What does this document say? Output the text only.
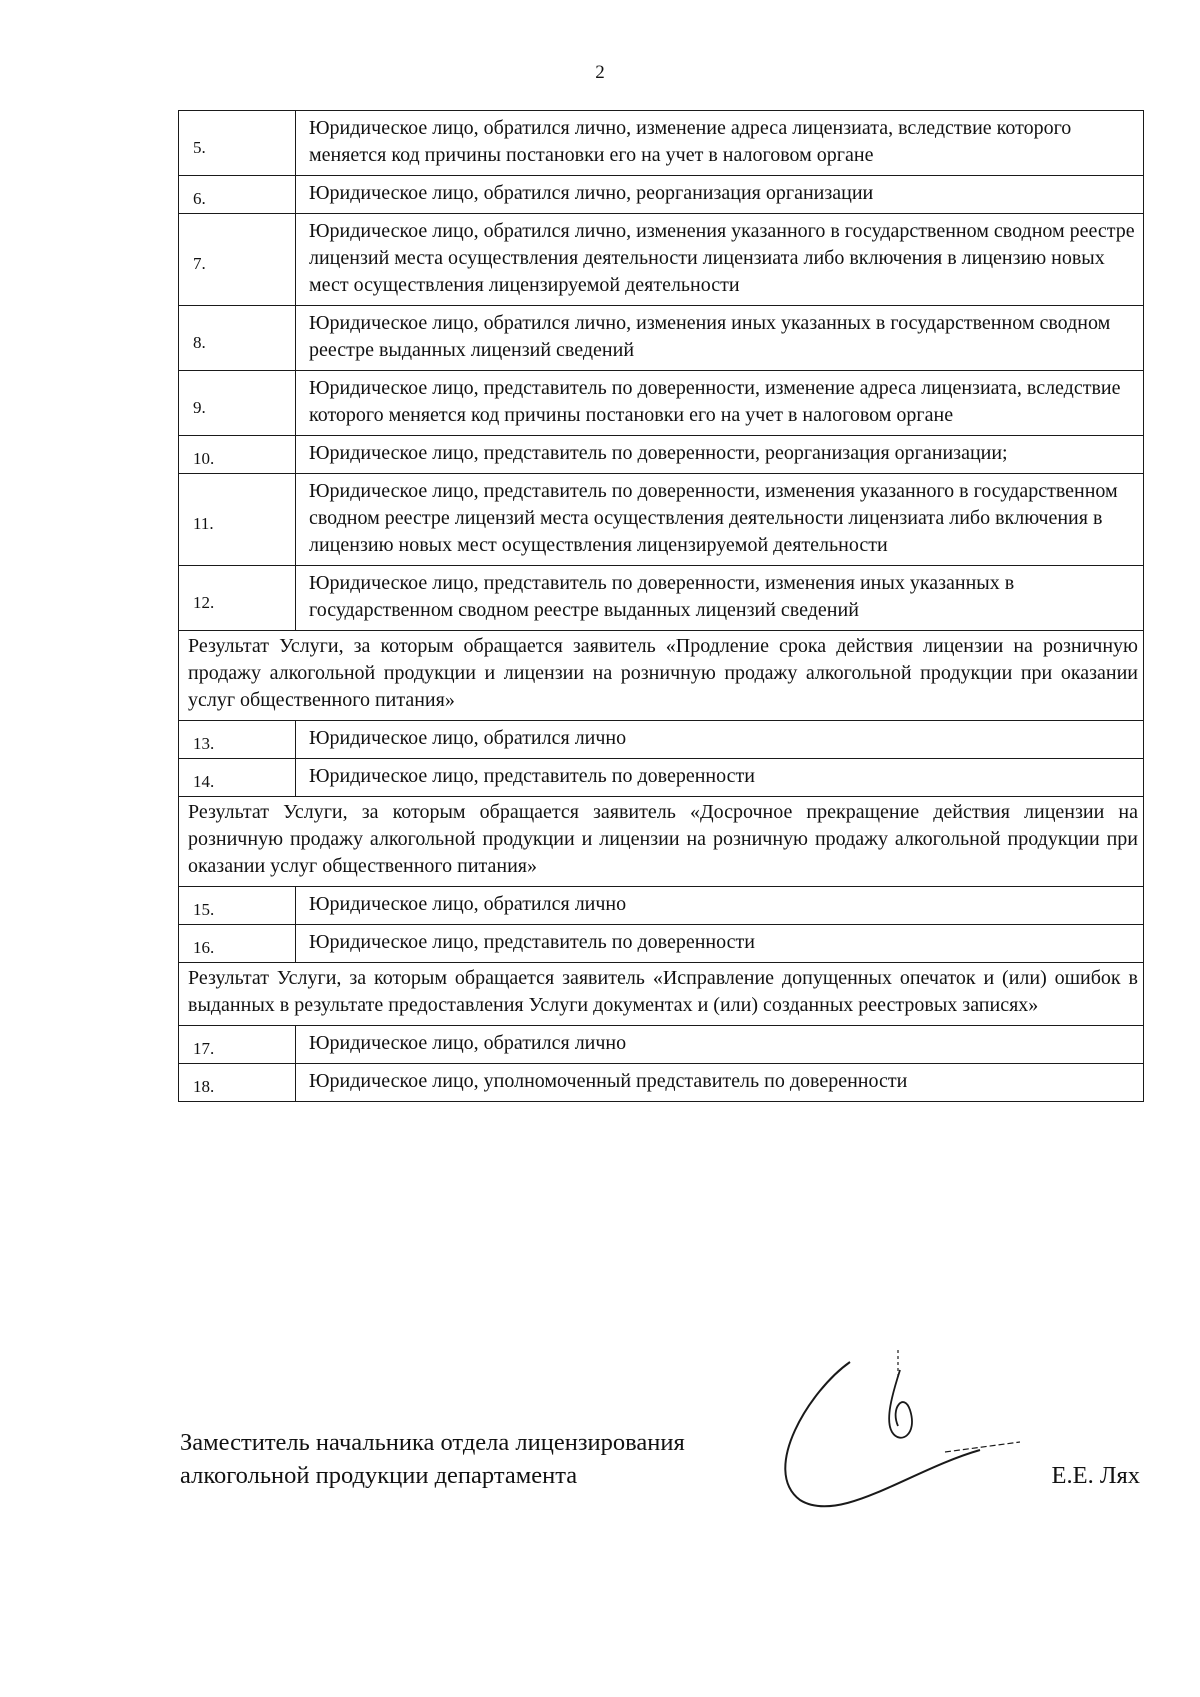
2
5.	Юридическое лицо, обратился лично, изменение адреса лицензиата, вследствие которого меняется код причины постановки его на учет в налоговом органе
6.	Юридическое лицо, обратился лично, реорганизация организации
7.	Юридическое лицо, обратился лично, изменения указанного в государственном сводном реестре лицензий места осуществления деятельности лицензиата либо включения в лицензию новых мест осуществления лицензируемой деятельности
8.	Юридическое лицо, обратился лично, изменения иных указанных в государственном сводном реестре выданных лицензий сведений
9.	Юридическое лицо, представитель по доверенности, изменение адреса лицензиата, вследствие которого меняется код причины постановки его на учет в налоговом органе
10.	Юридическое лицо, представитель по доверенности, реорганизация организации;
11.	Юридическое лицо, представитель по доверенности, изменения указанного в государственном сводном реестре лицензий места осуществления деятельности лицензиата либо включения в лицензию новых мест осуществления лицензируемой деятельности
12.	Юридическое лицо, представитель по доверенности, изменения иных указанных в государственном сводном реестре выданных лицензий сведений
Результат Услуги, за которым обращается заявитель «Продление срока действия лицензии на розничную продажу алкогольной продукции и лицензии на розничную продажу алкогольной продукции при оказании услуг общественного питания»	
13.	Юридическое лицо, обратился лично
14.	Юридическое лицо, представитель по доверенности
Результат Услуги, за которым обращается заявитель «Досрочное прекращение действия лицензии на розничную продажу алкогольной продукции и лицензии на розничную продажу алкогольной продукции при оказании услуг общественного питания»	
15.	Юридическое лицо, обратился лично
16.	Юридическое лицо, представитель по доверенности
Результат Услуги, за которым обращается заявитель «Исправление допущенных опечаток и (или) ошибок в выданных в результате предоставления Услуги документах и (или) созданных реестровых записях»	
17.	Юридическое лицо, обратился лично
18.	Юридическое лицо, уполномоченный представитель по доверенности
Заместитель начальника отдела лицензирования
алкогольной продукции департамента	Е.Е. Лях
